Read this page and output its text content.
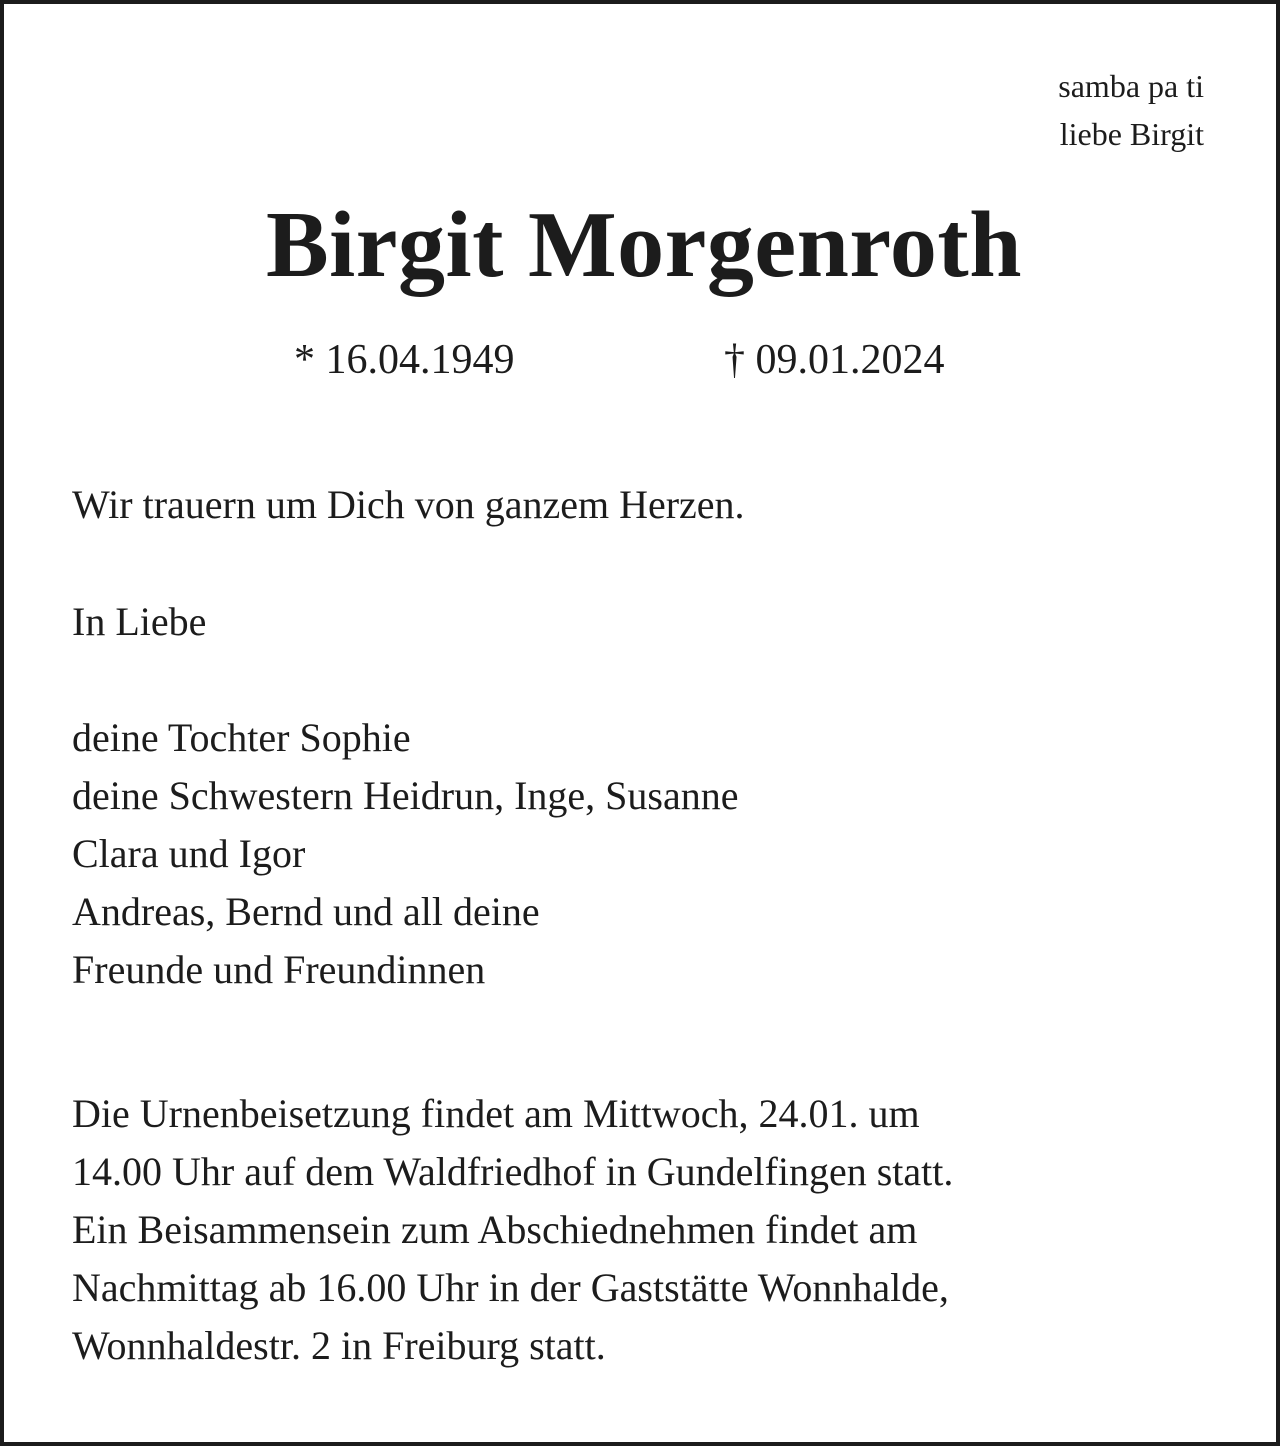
samba pa ti
liebe Birgit
Birgit Morgenroth
* 16.04.1949	† 09.01.2024
Wir trauern um Dich von ganzem Herzen.
In Liebe
deine Tochter Sophie
deine Schwestern Heidrun, Inge, Susanne
Clara und Igor
Andreas, Bernd und all deine
Freunde und Freundinnen
Die Urnenbeisetzung findet am Mittwoch, 24.01. um
14.00 Uhr auf dem Waldfriedhof in Gundelfingen statt.
Ein Beisammensein zum Abschiednehmen findet am
Nachmittag ab 16.00 Uhr in der Gaststätte Wonnhalde,
Wonnhaldestr. 2 in Freiburg statt.
